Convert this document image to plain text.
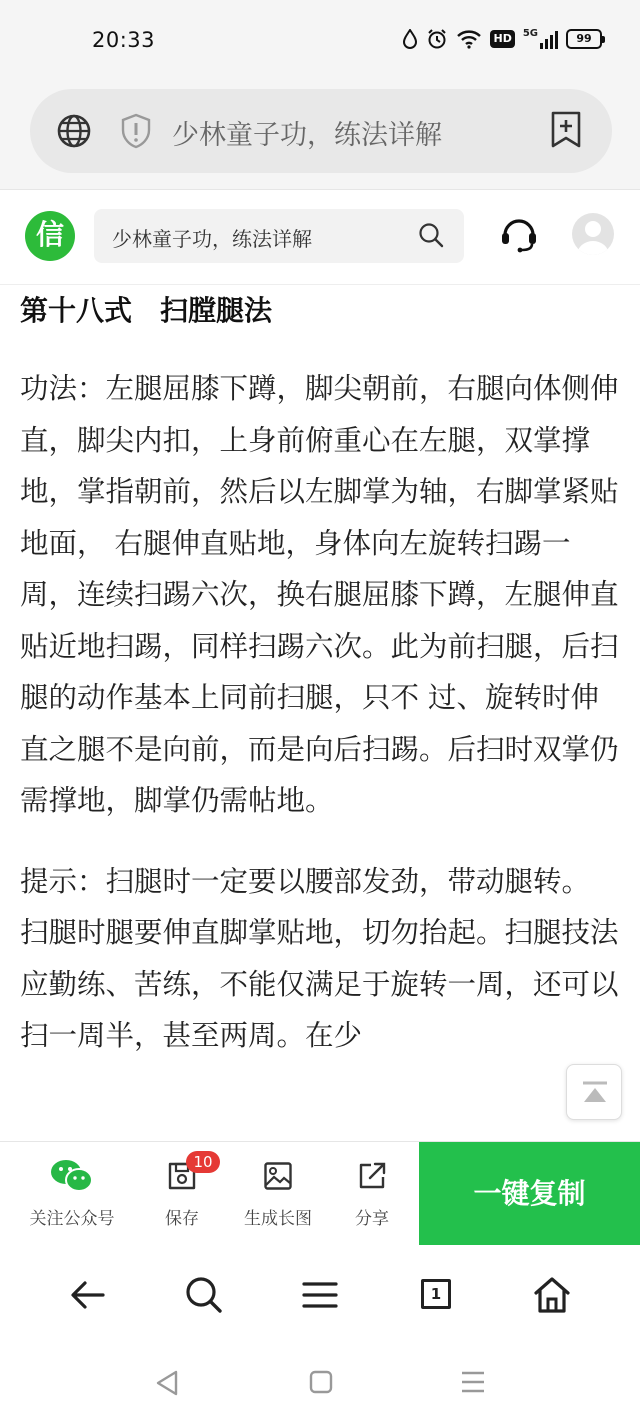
20:33	HD	5G	99
少林童子功，练法详解
信	少林童子功，练法详解
第十八式　扫膛腿法

功法：左腿屈膝下蹲，脚尖朝前，右腿向体侧伸直，脚尖内扣，上身前俯重心在左腿，双掌撑地，掌指朝前，然后以左脚掌为轴，右脚掌紧贴地面， 右腿伸直贴地，身体向左旋转扫踢一周，连续扫踢六次，换右腿屈膝下蹲，左腿伸直贴近地扫踢，同样扫踢六次。此为前扫腿，后扫腿的动作基本上同前扫腿，只不 过、旋转时伸直之腿不是向前，而是向后扫踢。后扫时双掌仍需撑地，脚掌仍需帖地。

提示：扫腿时一定要以腰部发劲，带动腿转。

扫腿时腿要伸直脚掌贴地，切勿抬起。扫腿技法应勤练、苦练，不能仅满足于旋转一周，还可以扫一周半，甚至两周。在少

关注公众号
10
保存	生成长图	分享
一键复制
1
